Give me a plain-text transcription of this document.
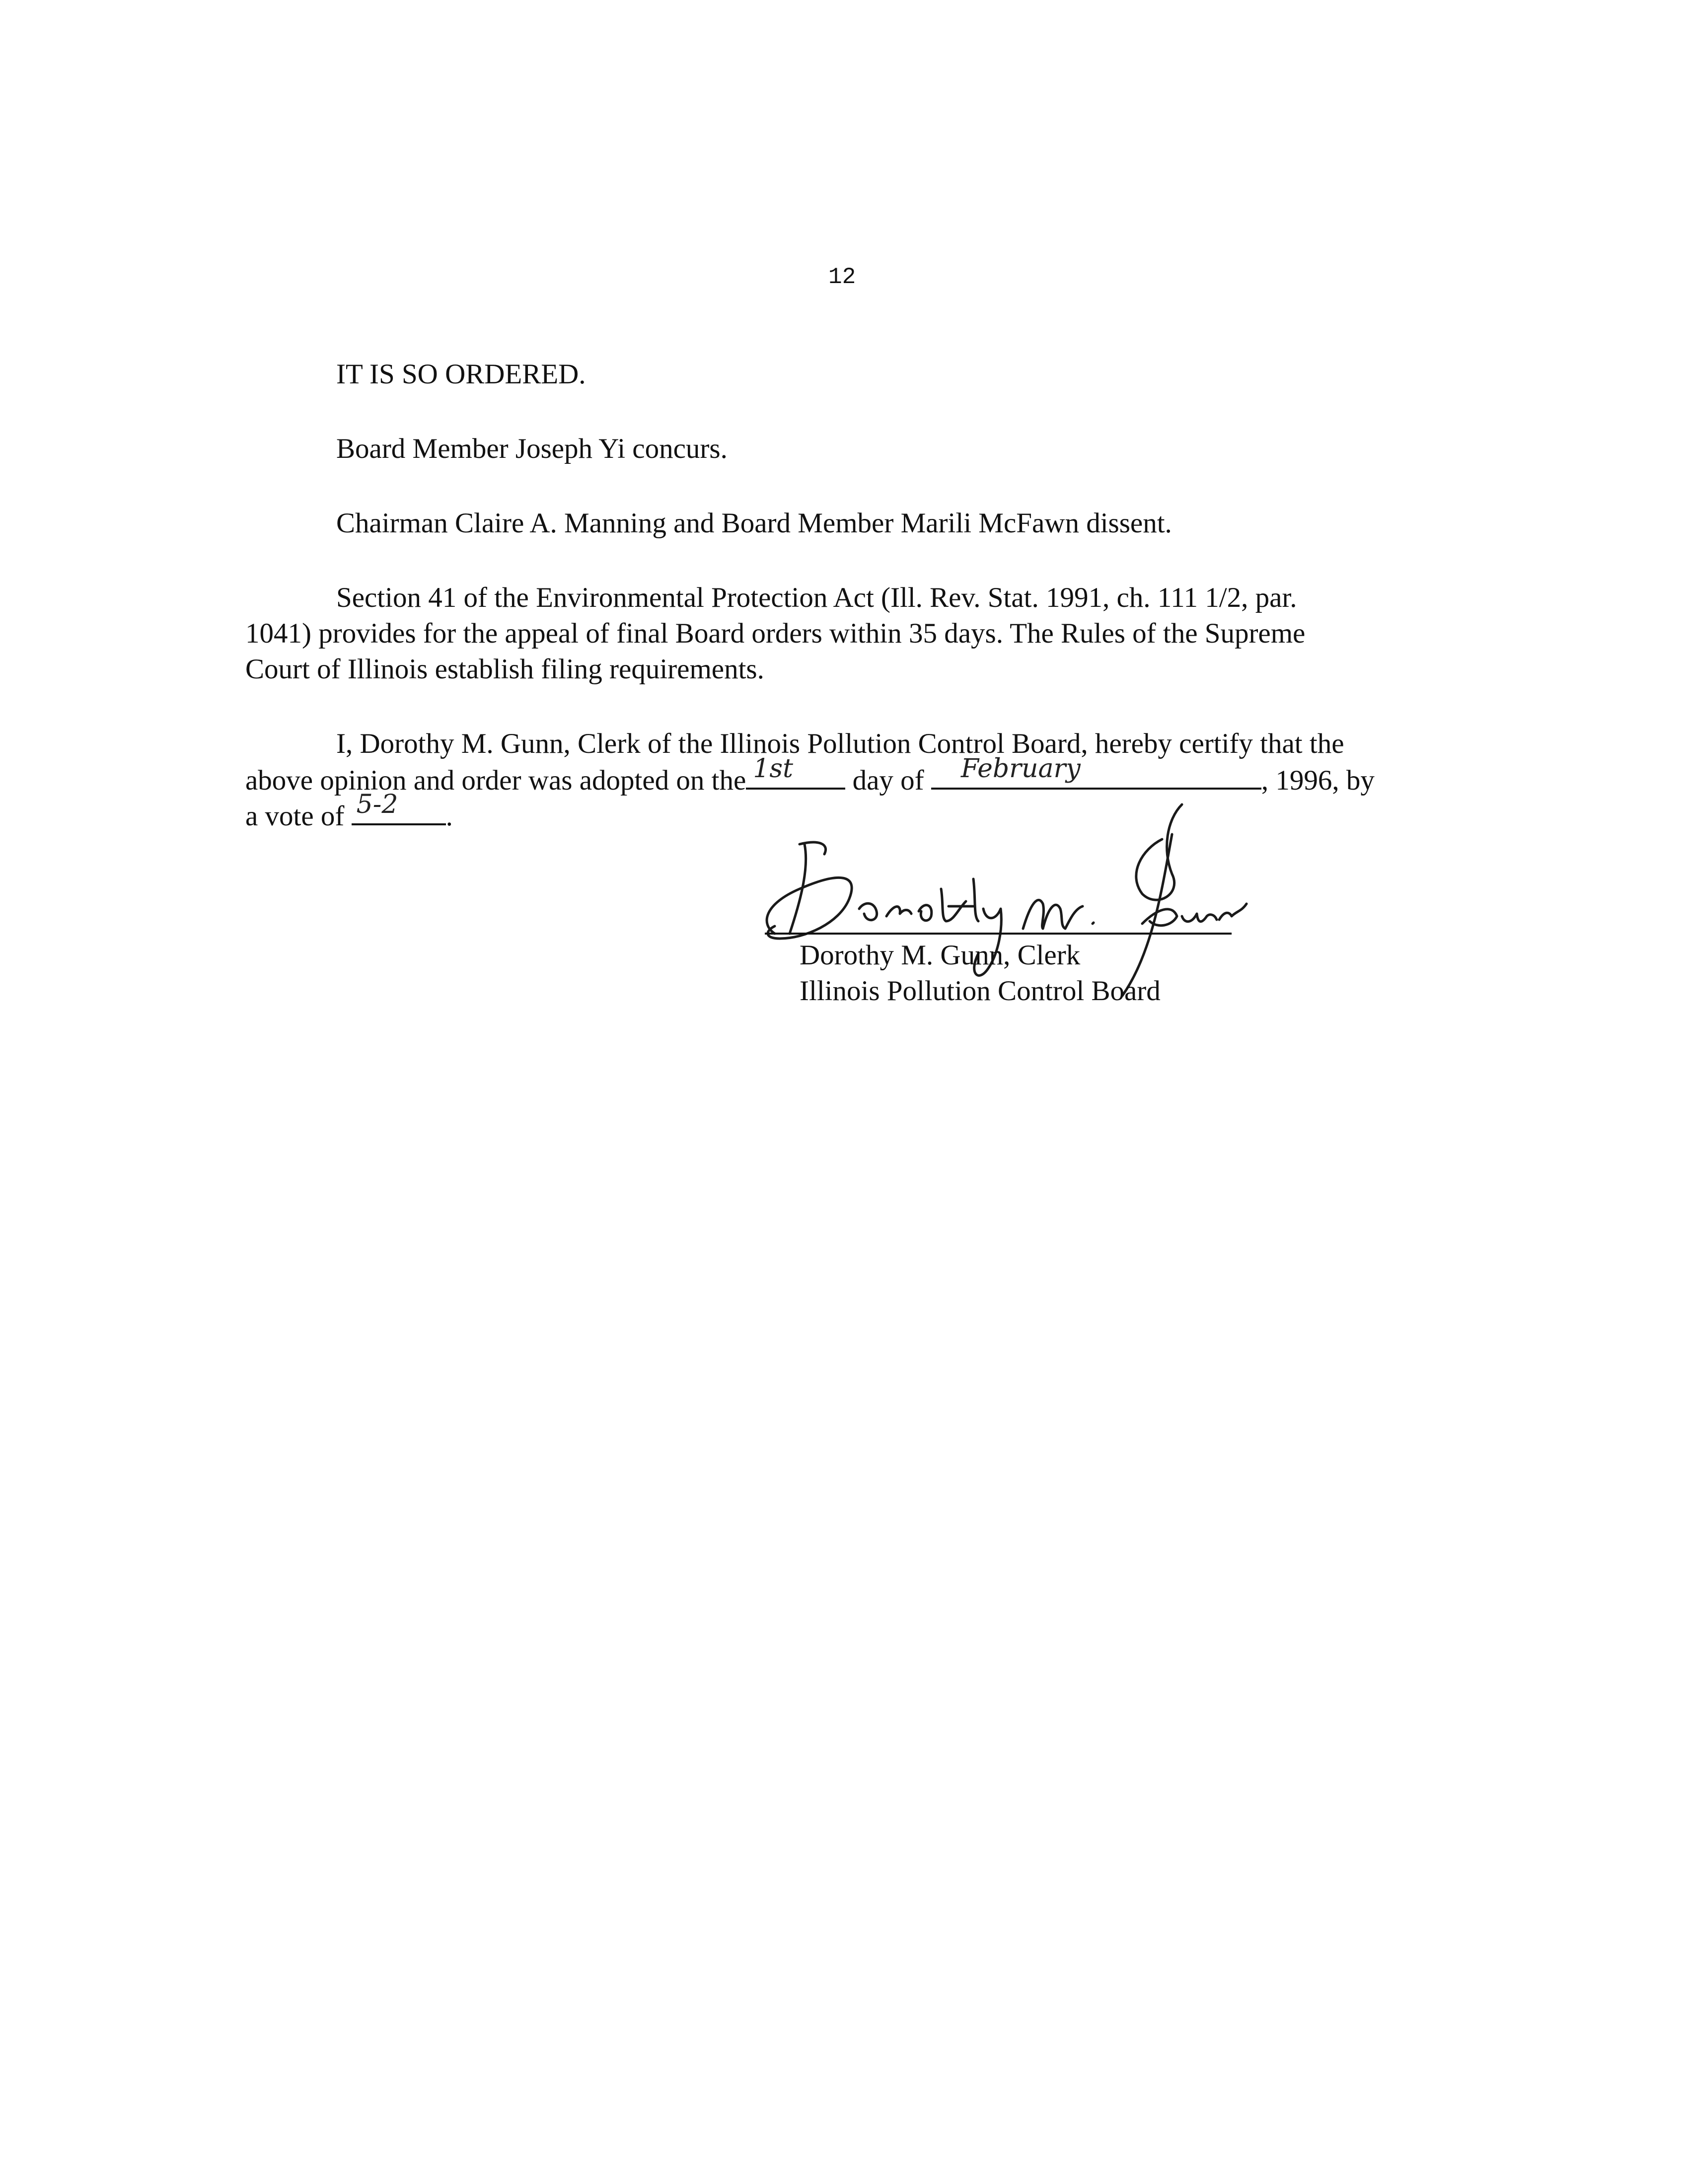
12
IT IS SO ORDERED.
Board Member Joseph Yi concurs.
Chairman Claire A. Manning and Board Member Marili McFawn dissent.
Section 41 of the Environmental Protection Act (Ill. Rev. Stat. 1991, ch. 111 1/2, par.
1041) provides for the appeal of final Board orders within 35 days. The Rules of the Supreme
Court of Illinois establish filing requirements.
I, Dorothy M. Gunn, Clerk of the Illinois Pollution Control Board, hereby certify that the
above opinion and order was adopted on the 1st day of February	, 1996, by
a vote of 5-2 .
Dorothy M. Gunn, Clerk
Illinois Pollution Control Board
